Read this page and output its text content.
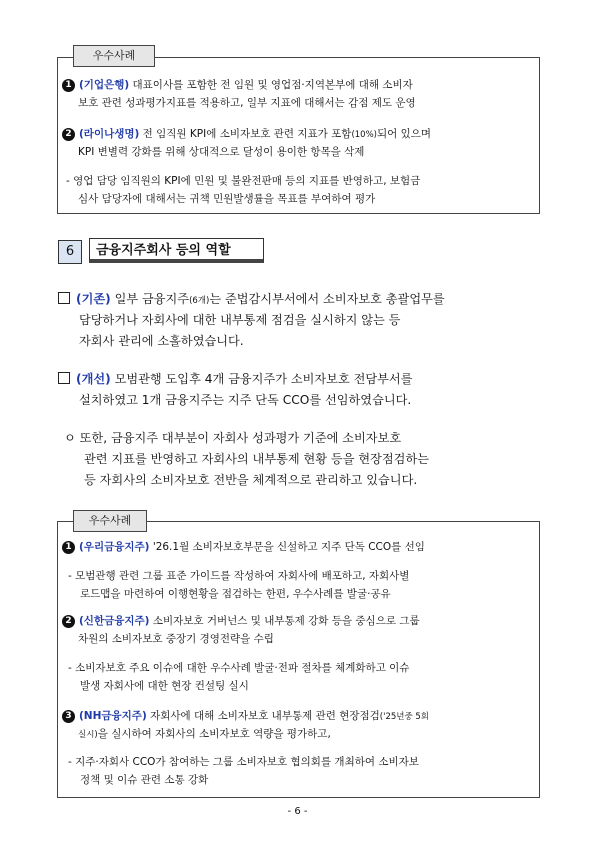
우수사례
1 (기업은행) 대표이사를 포함한 전 임원 및 영업점·지역본부에 대해 소비자
보호 관련 성과평가지표를 적용하고, 일부 지표에 대해서는 감점 제도 운영
2 (라이나생명) 전 임직원 KPI에 소비자보호 관련 지표가 포함(10%)되어 있으며
KPI 변별력 강화를 위해 상대적으로 달성이 용이한 항목을 삭제
- 영업 담당 임직원의 KPI에 민원 및 불완전판매 등의 지표를 반영하고, 보험금
심사 담당자에 대해서는 귀책 민원발생률을 목표를 부여하여 평가
6	금융지주회사 등의 역할
(기존) 일부 금융지주(6개)는 준법감시부서에서 소비자보호 총괄업무를
담당하거나 자회사에 대한 내부통제 점검을 실시하지 않는 등
자회사 관리에 소홀하였습니다.
(개선) 모범관행 도입후 4개 금융지주가 소비자보호 전담부서를
설치하였고 1개 금융지주는 지주 단독 CCO를 선임하였습니다.
ㅇ 또한, 금융지주 대부분이 자회사 성과평가 기준에 소비자보호
관련 지표를 반영하고 자회사의 내부통제 현황 등을 현장점검하는
등 자회사의 소비자보호 전반을 체계적으로 관리하고 있습니다.
우수사례
1 (우리금융지주) '26.1월 소비자보호부문을 신설하고 지주 단독 CCO를 선임
- 모범관행 관련 그룹 표준 가이드를 작성하여 자회사에 배포하고, 자회사별
로드맵을 마련하여 이행현황을 점검하는 한편, 우수사례를 발굴·공유
2 (신한금융지주) 소비자보호 거버넌스 및 내부통제 강화 등을 중심으로 그룹
차원의 소비자보호 중장기 경영전략을 수립
- 소비자보호 주요 이슈에 대한 우수사례 발굴·전파 절차를 체계화하고 이슈
발생 자회사에 대한 현장 컨설팅 실시
3 (NH금융지주) 자회사에 대해 소비자보호 내부통제 관련 현장점검('25년중 5회
실시)을 실시하여 자회사의 소비자보호 역량을 평가하고,
- 지주·자회사 CCO가 참여하는 그룹 소비자보호 협의회를 개최하여 소비자보
정책 및 이슈 관련 소통 강화
- 6 -
